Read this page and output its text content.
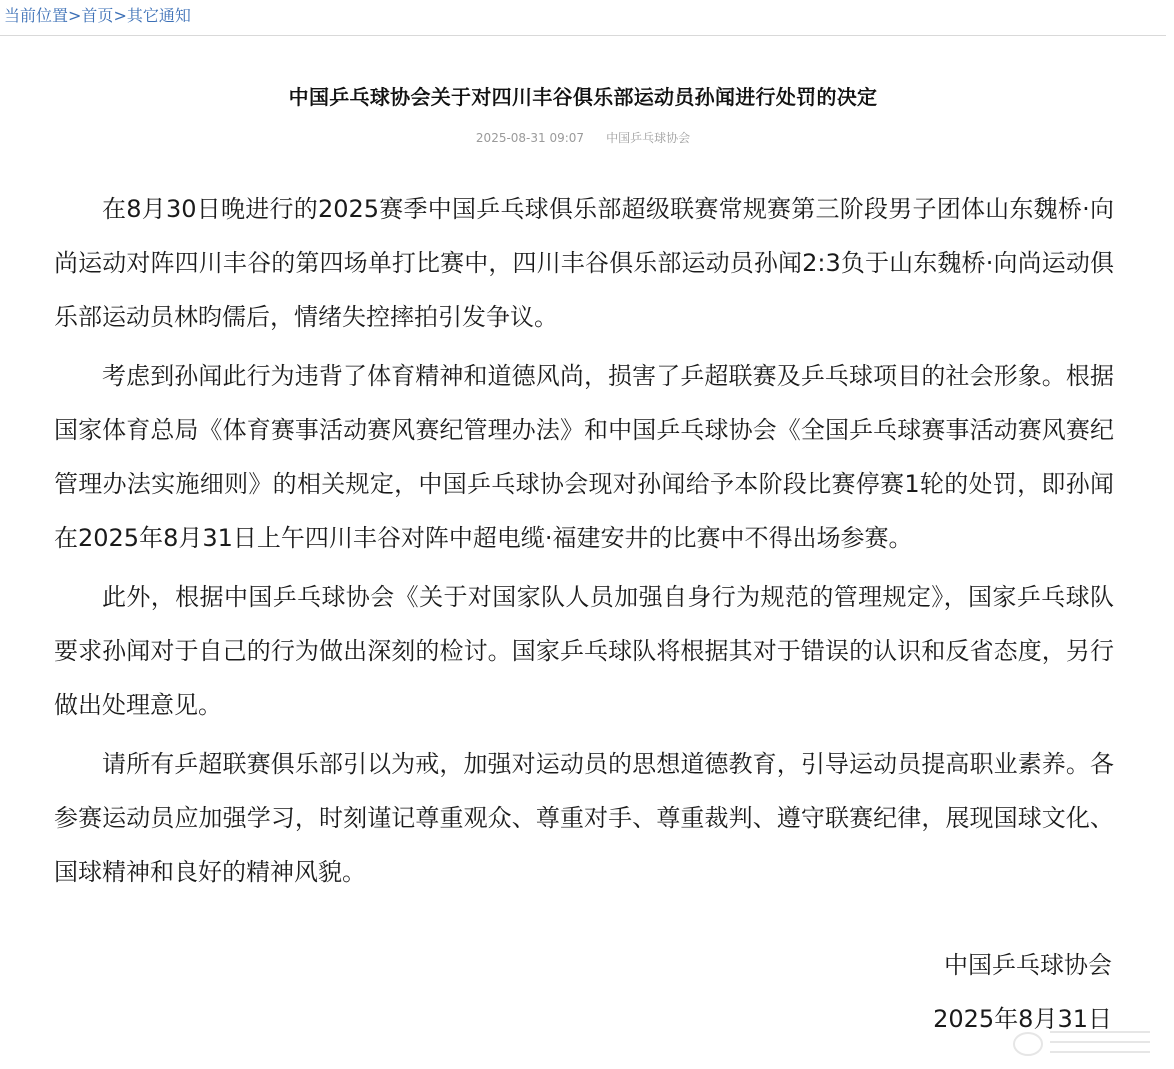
当前位置>首页>其它通知
中国乒乓球协会关于对四川丰谷俱乐部运动员孙闻进行处罚的决定
2025-08-31 09:07 中国乒乓球协会

在8月30日晚进行的2025赛季中国乒乓球俱乐部超级联赛常规赛第三阶段男子团体山东魏桥·向尚运动对阵四川丰谷的第四场单打比赛中，四川丰谷俱乐部运动员孙闻2:3负于山东魏桥·向尚运动俱乐部运动员林昀儒后，情绪失控摔拍引发争议。

考虑到孙闻此行为违背了体育精神和道德风尚，损害了乒超联赛及乒乓球项目的社会形象。根据国家体育总局《体育赛事活动赛风赛纪管理办法》和中国乒乓球协会《全国乒乓球赛事活动赛风赛纪管理办法实施细则》的相关规定，中国乒乓球协会现对孙闻给予本阶段比赛停赛1轮的处罚，即孙闻在2025年8月31日上午四川丰谷对阵中超电缆·福建安井的比赛中不得出场参赛。

此外，根据中国乒乓球协会《关于对国家队人员加强自身行为规范的管理规定》，国家乒乓球队要求孙闻对于自己的行为做出深刻的检讨。国家乒乓球队将根据其对于错误的认识和反省态度，另行做出处理意见。

请所有乒超联赛俱乐部引以为戒，加强对运动员的思想道德教育，引导运动员提高职业素养。各参赛运动员应加强学习，时刻谨记尊重观众、尊重对手、尊重裁判、遵守联赛纪律，展现国球文化、国球精神和良好的精神风貌。

中国乒乓球协会
2025年8月31日
